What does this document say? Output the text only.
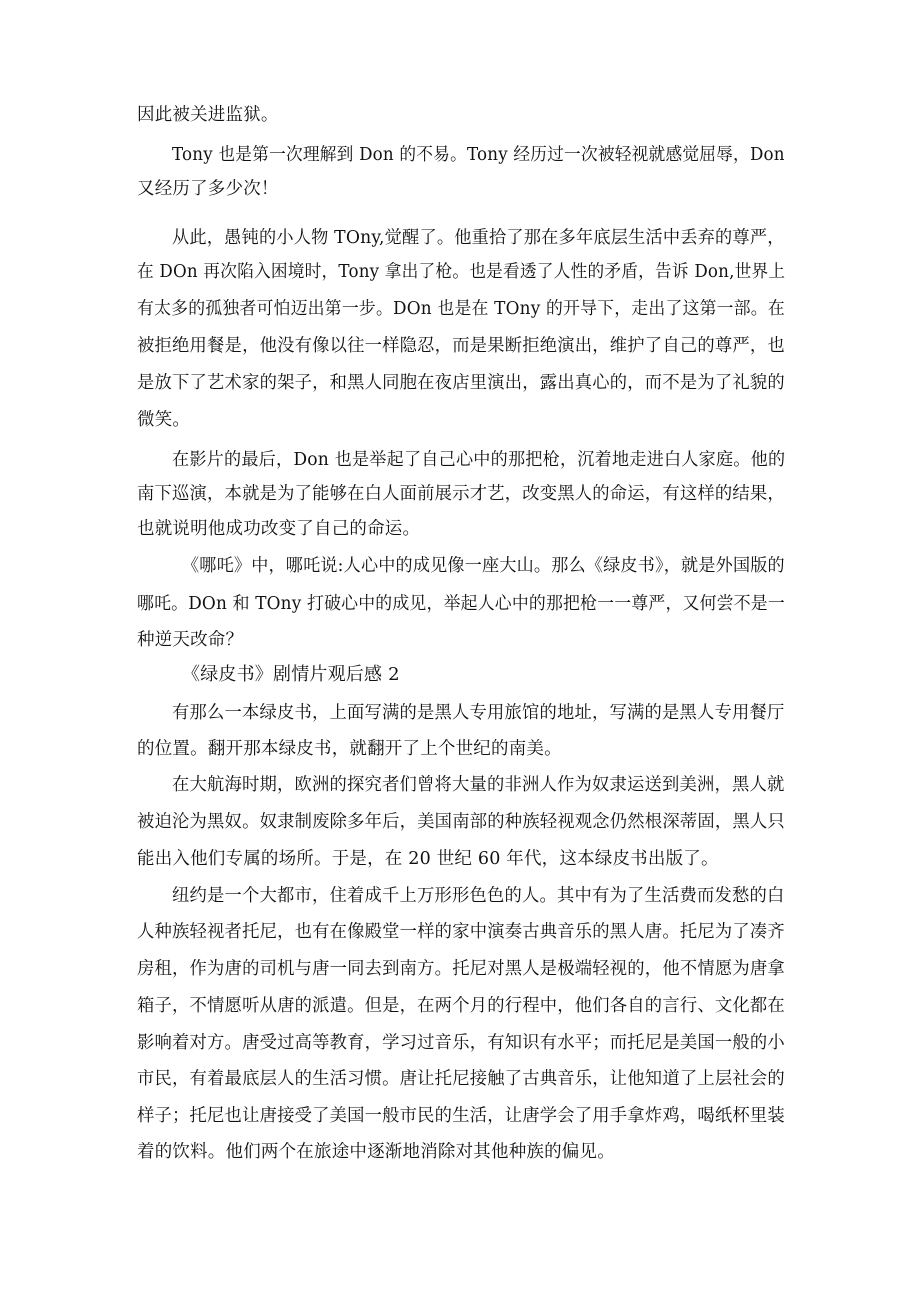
因此被关进监狱。
Tony 也是第一次理解到 Don 的不易。Tony 经历过一次被轻视就感觉屈辱，Don
又经历了多少次！
从此，愚钝的小人物 TOny,觉醒了。他重拾了那在多年底层生活中丢弃的尊严，
在 DOn 再次陷入困境时，Tony 拿出了枪。也是看透了人性的矛盾，告诉 Don,世界上
有太多的孤独者可怕迈出第一步。DOn 也是在 TOny 的开导下，走出了这第一部。在
被拒绝用餐是，他没有像以往一样隐忍，而是果断拒绝演出，维护了自己的尊严，也
是放下了艺术家的架子，和黑人同胞在夜店里演出，露出真心的，而不是为了礼貌的
微笑。
在影片的最后，Don 也是举起了自己心中的那把枪，沉着地走进白人家庭。他的
南下巡演，本就是为了能够在白人面前展示才艺，改变黑人的命运，有这样的结果，
也就说明他成功改变了自己的命运。
《哪吒》中，哪吒说:人心中的成见像一座大山。那么《绿皮书》，就是外国版的
哪吒。DOn 和 TOny 打破心中的成见，举起人心中的那把枪一一尊严，又何尝不是一
种逆天改命？
《绿皮书》剧情片观后感 2
有那么一本绿皮书，上面写满的是黑人专用旅馆的地址，写满的是黑人专用餐厅
的位置。翻开那本绿皮书，就翻开了上个世纪的南美。
在大航海时期，欧洲的探究者们曾将大量的非洲人作为奴隶运送到美洲，黑人就
被迫沦为黑奴。奴隶制废除多年后，美国南部的种族轻视观念仍然根深蒂固，黑人只
能出入他们专属的场所。于是，在 20 世纪 60 年代，这本绿皮书出版了。
纽约是一个大都市，住着成千上万形形色色的人。其中有为了生活费而发愁的白
人种族轻视者托尼，也有在像殿堂一样的家中演奏古典音乐的黑人唐。托尼为了凑齐
房租，作为唐的司机与唐一同去到南方。托尼对黑人是极端轻视的，他不情愿为唐拿
箱子，不情愿听从唐的派遣。但是，在两个月的行程中，他们各自的言行、文化都在
影响着对方。唐受过高等教育，学习过音乐，有知识有水平；而托尼是美国一般的小
市民，有着最底层人的生活习惯。唐让托尼接触了古典音乐，让他知道了上层社会的
样子；托尼也让唐接受了美国一般市民的生活，让唐学会了用手拿炸鸡，喝纸杯里装
着的饮料。他们两个在旅途中逐渐地消除对其他种族的偏见。
